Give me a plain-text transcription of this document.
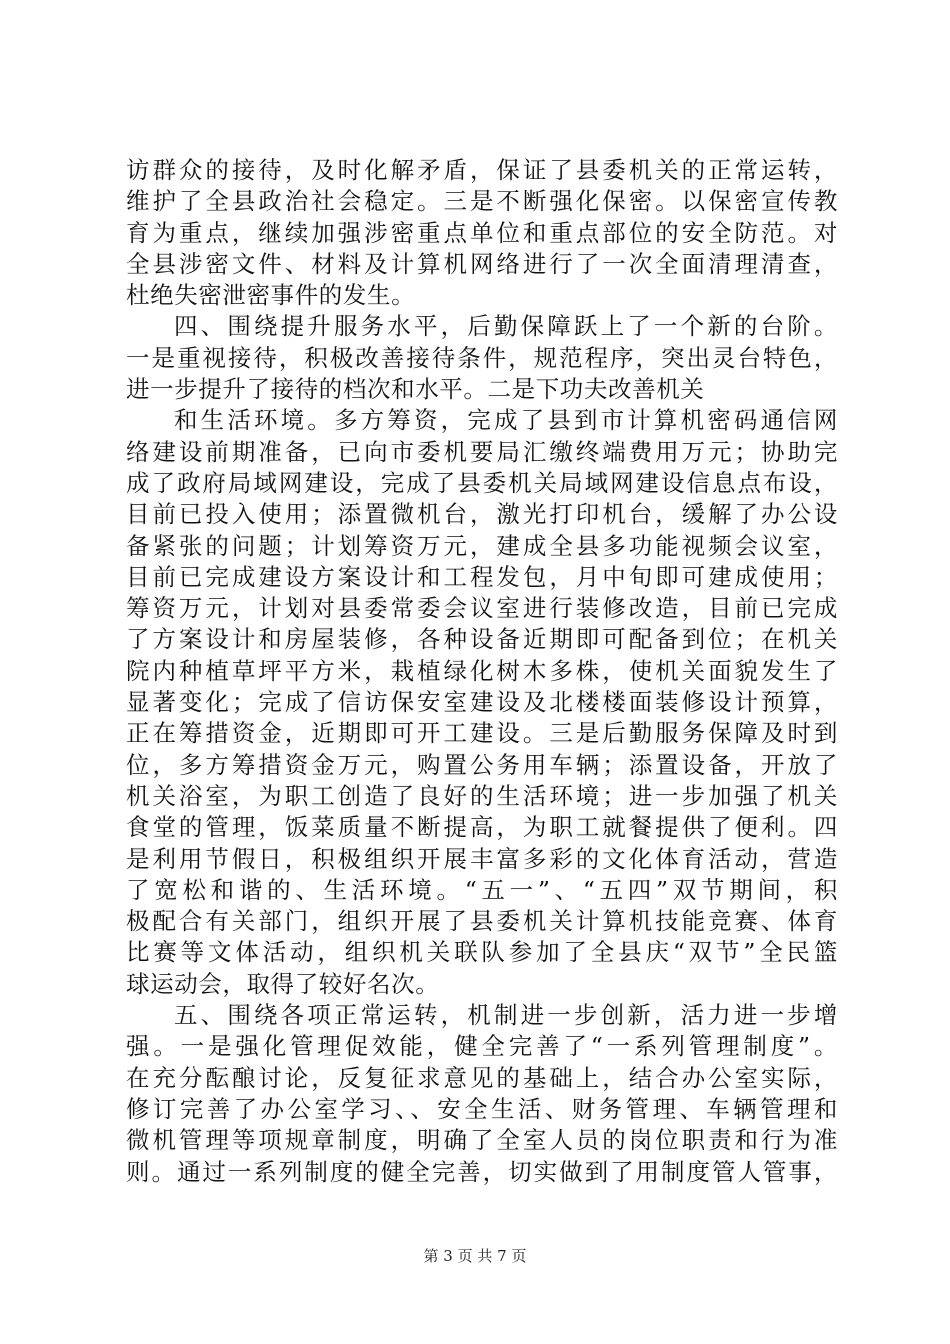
访群众的接待，及时化解矛盾，保证了县委机关的正常运转，
维护了全县政治社会稳定。三是不断强化保密。以保密宣传教
育为重点，继续加强涉密重点单位和重点部位的安全防范。对
全县涉密文件、材料及计算机网络进行了一次全面清理清查，
杜绝失密泄密事件的发生。
四、围绕提升服务水平，后勤保障跃上了一个新的台阶。
一是重视接待，积极改善接待条件，规范程序，突出灵台特色，
进一步提升了接待的档次和水平。二是下功夫改善机关
和生活环境。多方筹资，完成了县到市计算机密码通信网
络建设前期准备，已向市委机要局汇缴终端费用万元；协助完
成了政府局域网建设，完成了县委机关局域网建设信息点布设，
目前已投入使用；添置微机台，激光打印机台，缓解了办公设
备紧张的问题；计划筹资万元，建成全县多功能视频会议室，
目前已完成建设方案设计和工程发包，月中旬即可建成使用；
筹资万元，计划对县委常委会议室进行装修改造，目前已完成
了方案设计和房屋装修，各种设备近期即可配备到位；在机关
院内种植草坪平方米，栽植绿化树木多株，使机关面貌发生了
显著变化；完成了信访保安室建设及北楼楼面装修设计预算，
正在筹措资金，近期即可开工建设。三是后勤服务保障及时到
位，多方筹措资金万元，购置公务用车辆；添置设备，开放了
机关浴室，为职工创造了良好的生活环境；进一步加强了机关
食堂的管理，饭菜质量不断提高，为职工就餐提供了便利。四
是利用节假日，积极组织开展丰富多彩的文化体育活动，营造
了宽松和谐的、生活环境。“五一”、“五四”双节期间，积
极配合有关部门，组织开展了县委机关计算机技能竞赛、体育
比赛等文体活动，组织机关联队参加了全县庆“双节”全民篮
球运动会，取得了较好名次。
五、围绕各项正常运转，机制进一步创新，活力进一步增
强。一是强化管理促效能，健全完善了“一系列管理制度”。
在充分酝酿讨论，反复征求意见的基础上，结合办公室实际，
修订完善了办公室学习、、安全生活、财务管理、车辆管理和
微机管理等项规章制度，明确了全室人员的岗位职责和行为准
则。通过一系列制度的健全完善，切实做到了用制度管人管事，
第 3 页 共 7 页
